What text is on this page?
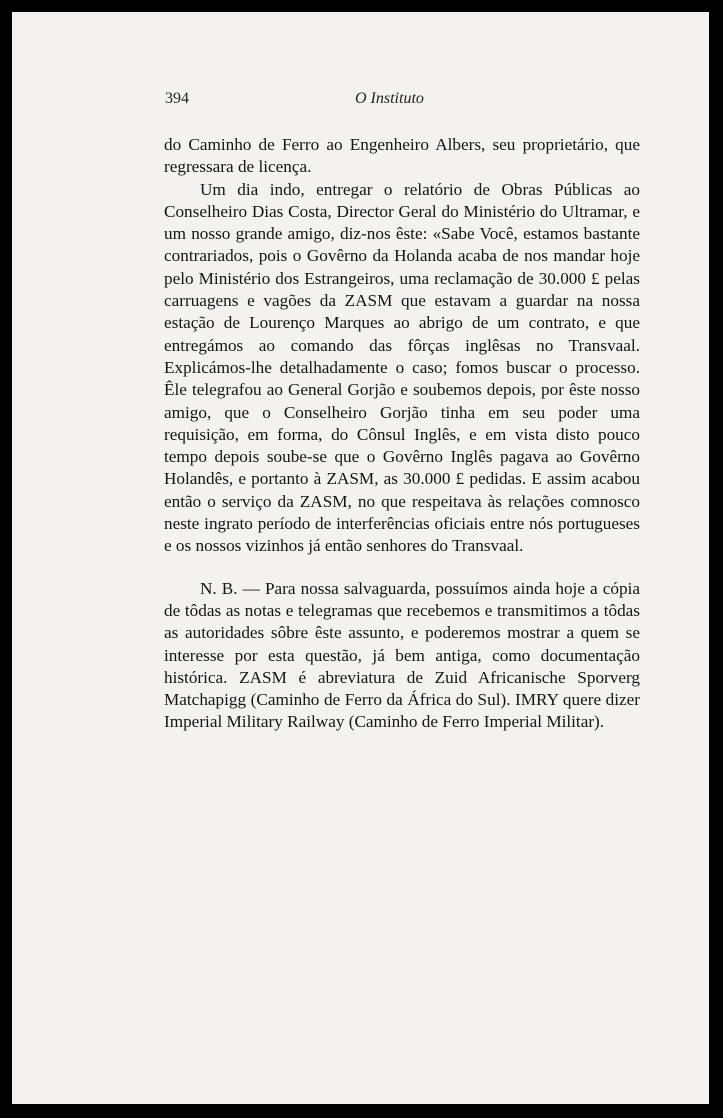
394	O Instituto

do Caminho de Ferro ao Engenheiro Albers, seu proprietário, que regressara de licença.

Um dia indo, entregar o relatório de Obras Públicas ao Conselheiro Dias Costa, Director Geral do Ministério do Ultramar, e um nosso grande amigo, diz-nos êste: «Sabe Você, estamos bastante contrariados, pois o Govêrno da Holanda acaba de nos mandar hoje pelo Ministério dos Estrangeiros, uma reclamação de 30.000 £ pelas carruagens e vagões da ZASM que estavam a guardar na nossa estação de Lourenço Marques ao abrigo de um contrato, e que entregámos ao comando das fôrças inglêsas no Transvaal. Explicámos-lhe detalhadamente o caso; fomos buscar o processo. Êle telegrafou ao General Gorjão e soubemos depois, por êste nosso amigo, que o Conselheiro Gorjão tinha em seu poder uma requisição, em forma, do Cônsul Inglês, e em vista disto pouco tempo depois soube-se que o Govêrno Inglês pagava ao Govêrno Holandês, e portanto à ZASM, as 30.000 £ pedidas. E assim acabou então o serviço da ZASM, no que respeitava às relações comnosco neste ingrato período de interferências oficiais entre nós portugueses e os nossos vizinhos já então senhores do Transvaal.

N. B. — Para nossa salvaguarda, possuímos ainda hoje a cópia de tôdas as notas e telegramas que recebemos e transmitimos a tôdas as autoridades sôbre êste assunto, e poderemos mostrar a quem se interesse por esta questão, já bem antiga, como documentação histórica. ZASM é abreviatura de Zuid Africanische Sporverg Matchapigg (Caminho de Ferro da África do Sul). IMRY quere dizer Imperial Military Railway (Caminho de Ferro Imperial Militar).
